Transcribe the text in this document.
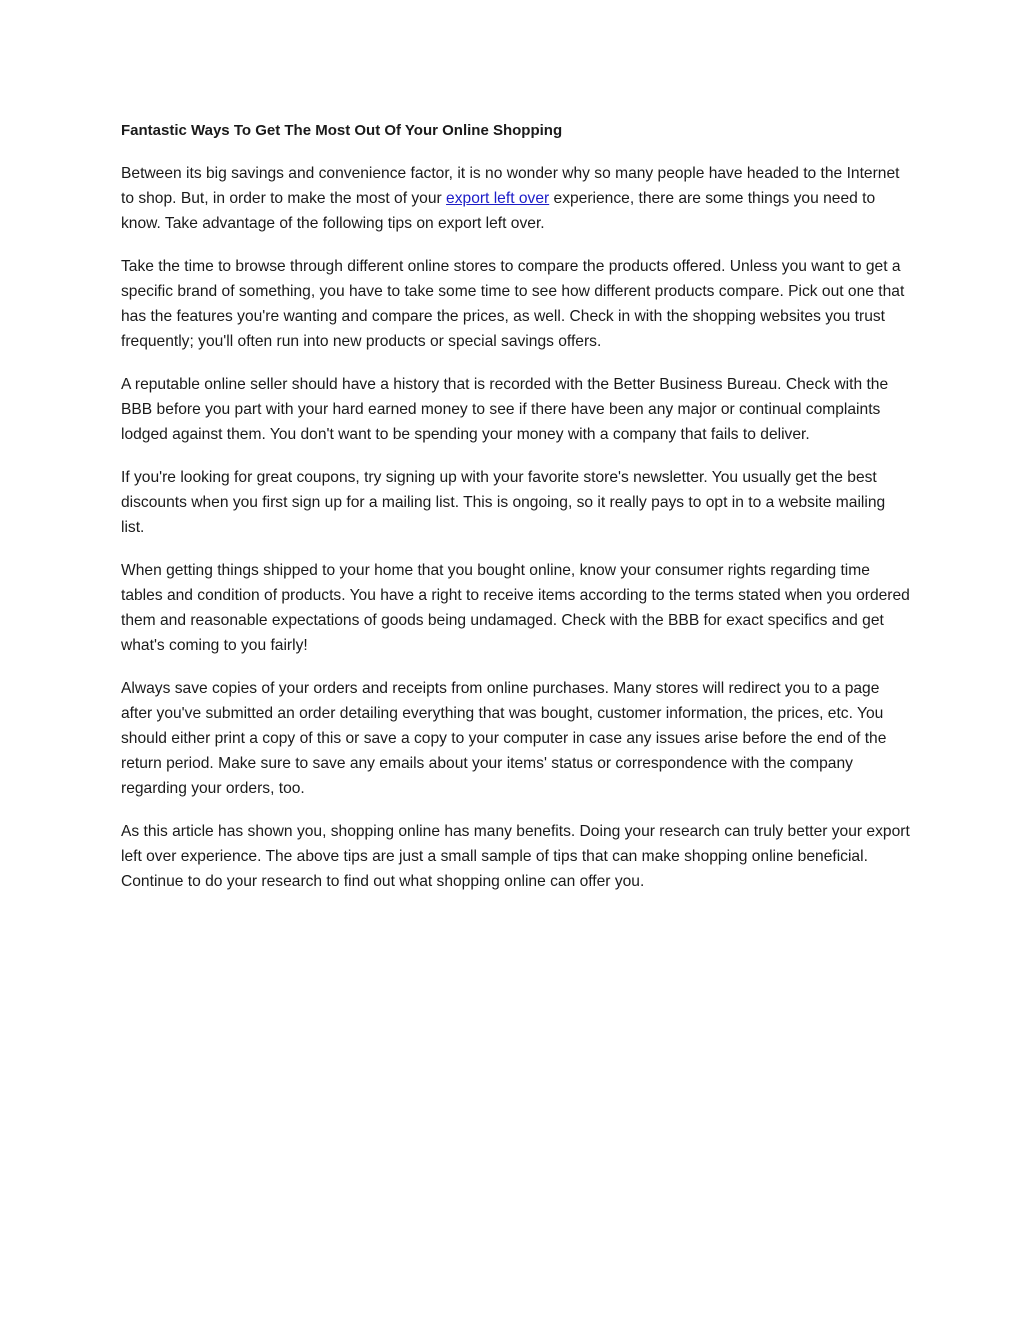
Fantastic Ways To Get The Most Out Of Your Online Shopping

Between its big savings and convenience factor, it is no wonder why so many people have headed to the Internet to shop. But, in order to make the most of your export left over experience, there are some things you need to know. Take advantage of the following tips on export left over.

Take the time to browse through different online stores to compare the products offered. Unless you want to get a specific brand of something, you have to take some time to see how different products compare. Pick out one that has the features you're wanting and compare the prices, as well. Check in with the shopping websites you trust frequently; you'll often run into new products or special savings offers.

A reputable online seller should have a history that is recorded with the Better Business Bureau. Check with the BBB before you part with your hard earned money to see if there have been any major or continual complaints lodged against them. You don't want to be spending your money with a company that fails to deliver.

If you're looking for great coupons, try signing up with your favorite store's newsletter. You usually get the best discounts when you first sign up for a mailing list. This is ongoing, so it really pays to opt in to a website mailing list.

When getting things shipped to your home that you bought online, know your consumer rights regarding time tables and condition of products. You have a right to receive items according to the terms stated when you ordered them and reasonable expectations of goods being undamaged. Check with the BBB for exact specifics and get what's coming to you fairly!

Always save copies of your orders and receipts from online purchases. Many stores will redirect you to a page after you've submitted an order detailing everything that was bought, customer information, the prices, etc. You should either print a copy of this or save a copy to your computer in case any issues arise before the end of the return period. Make sure to save any emails about your items' status or correspondence with the company regarding your orders, too.

As this article has shown you, shopping online has many benefits. Doing your research can truly better your export left over experience. The above tips are just a small sample of tips that can make shopping online beneficial. Continue to do your research to find out what shopping online can offer you.
